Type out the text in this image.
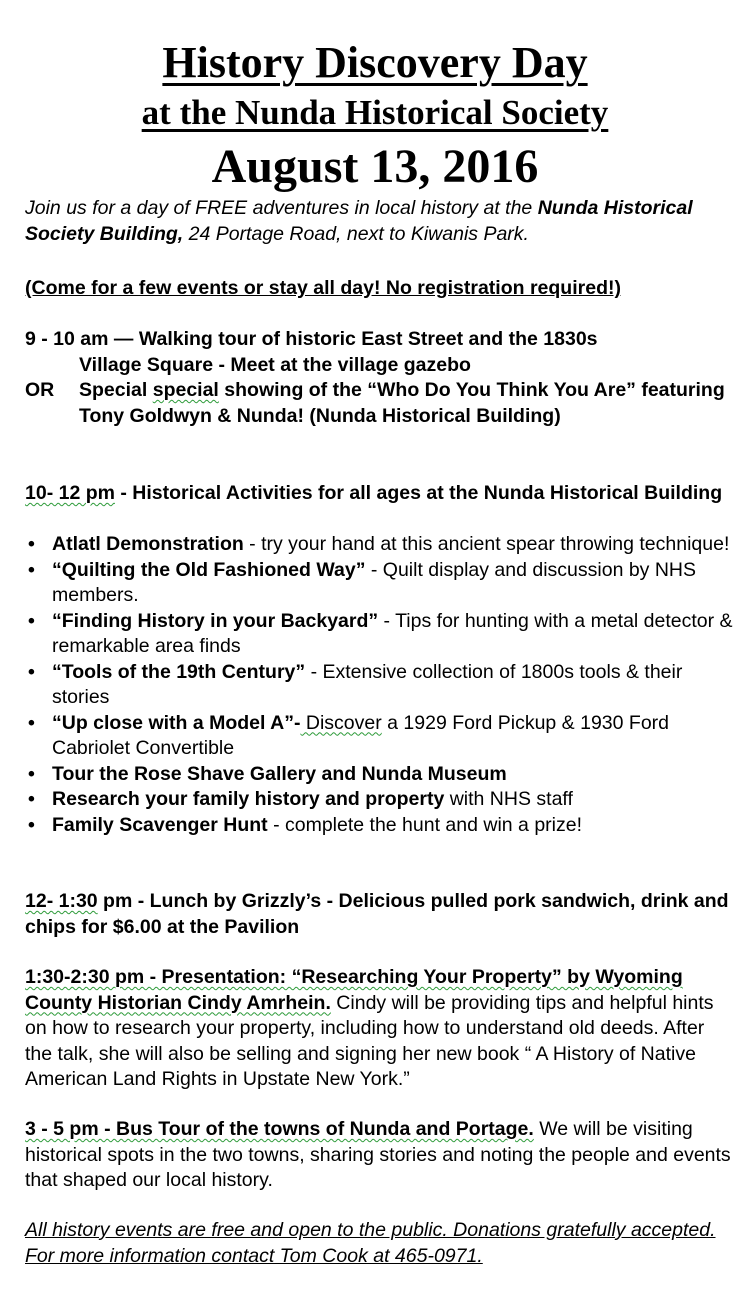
History Discovery Day
at the Nunda Historical Society
August 13, 2016

Join us for a day of FREE adventures in local history at the Nunda Historical Society Building, 24 Portage Road, next to Kiwanis Park.

(Come for a few events or stay all day! No registration required!)

9 - 10 am — Walking tour of historic East Street and the 1830s
Village Square - Meet at the village gazebo
OR	Special special showing of the “Who Do You Think You Are” featuring Tony Goldwyn & Nunda! (Nunda Historical Building)
10- 12 pm - Historical Activities for all ages at the Nunda Historical Building
• Atlatl Demonstration - try your hand at this ancient spear throwing technique!
• “Quilting the Old Fashioned Way” - Quilt display and discussion by NHS members.
• “Finding History in your Backyard” - Tips for hunting with a metal detector & remarkable area finds
• “Tools of the 19th Century” - Extensive collection of 1800s tools & their stories
• “Up close with a Model A”- Discover a 1929 Ford Pickup & 1930 Ford Cabriolet Convertible
• Tour the Rose Shave Gallery and Nunda Museum
• Research your family history and property with NHS staff
• Family Scavenger Hunt - complete the hunt and win a prize!
12- 1:30 pm - Lunch by Grizzly’s - Delicious pulled pork sandwich, drink and chips for $6.00 at the Pavilion
1:30-2:30 pm - Presentation: “Researching Your Property” by Wyoming County Historian Cindy Amrhein. Cindy will be providing tips and helpful hints on how to research your property, including how to understand old deeds. After the talk, she will also be selling and signing her new book “ A History of Native American Land Rights in Upstate New York.”
3 - 5 pm - Bus Tour of the towns of Nunda and Portage. We will be visiting historical spots in the two towns, sharing stories and noting the people and events that shaped our local history.

All history events are free and open to the public. Donations gratefully accepted. For more information contact Tom Cook at 465-0971.
